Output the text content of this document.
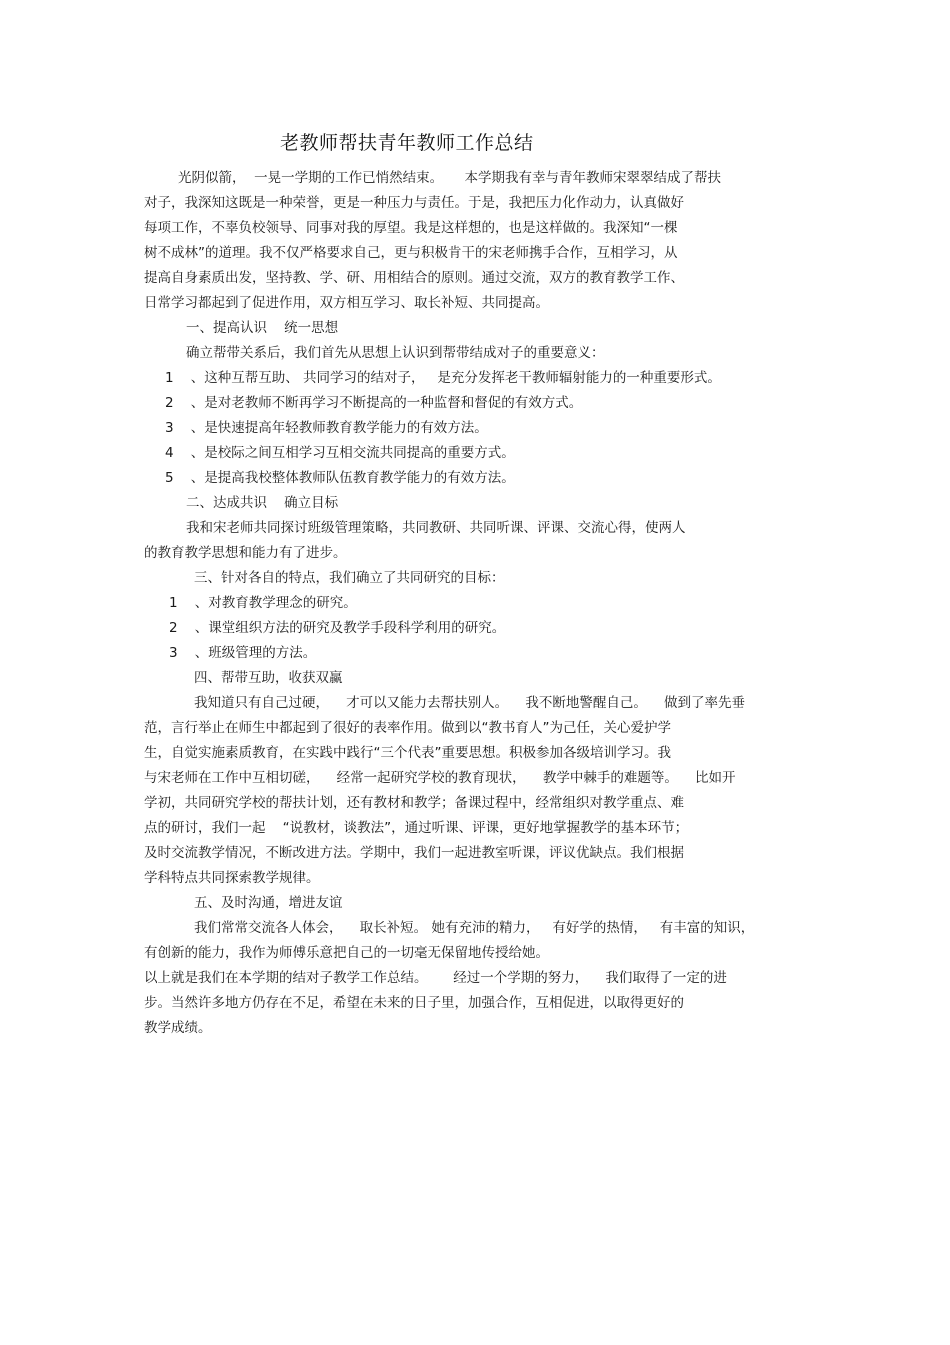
老教师帮扶青年教师工作总结
光阴似箭，  一晃一学期的工作已悄然结束。     本学期我有幸与青年教师宋翠翠结成了帮扶
对子，我深知这既是一种荣誉，更是一种压力与责任。于是，我把压力化作动力，认真做好
每项工作，不辜负校领导、同事对我的厚望。我是这样想的，也是这样做的。我深知“一棵
树不成林”的道理。我不仅严格要求自己，更与积极肯干的宋老师携手合作，互相学习，从
提高自身素质出发，坚持教、学、研、用相结合的原则。通过交流，双方的教育教学工作、
日常学习都起到了促进作用，双方相互学习、取长补短、共同提高。
一、提高认识    统一思想
确立帮带关系后，我们首先从思想上认识到帮带结成对子的重要意义：
1    、这种互帮互助、 共同学习的结对子，   是充分发挥老干教师辐射能力的一种重要形式。
2    、是对老教师不断再学习不断提高的一种监督和督促的有效方式。
3    、是快速提高年轻教师教育教学能力的有效方法。
4    、是校际之间互相学习互相交流共同提高的重要方式。
5    、是提高我校整体教师队伍教育教学能力的有效方法。
二、达成共识    确立目标
我和宋老师共同探讨班级管理策略，共同教研、共同听课、评课、交流心得，使两人
的教育教学思想和能力有了进步。
三、针对各自的特点，我们确立了共同研究的目标：
1    、对教育教学理念的研究。
2    、课堂组织方法的研究及教学手段科学利用的研究。
3    、班级管理的方法。
四、帮带互助，收获双赢
我知道只有自己过硬，    才可以又能力去帮扶别人。    我不断地警醒自己。    做到了率先垂
范，言行举止在师生中都起到了很好的表率作用。做到以“教书育人”为己任，关心爱护学
生，自觉实施素质教育，在实践中践行“三个代表”重要思想。积极参加各级培训学习。我
与宋老师在工作中互相切磋，    经常一起研究学校的教育现状，    教学中棘手的难题等。    比如开
学初，共同研究学校的帮扶计划，还有教材和教学；备课过程中，经常组织对教学重点、难
点的研讨，我们一起    “说教材，谈教法”，通过听课、评课，更好地掌握教学的基本环节；
及时交流教学情况，不断改进方法。学期中，我们一起进教室听课，评议优缺点。我们根据
学科特点共同探索教学规律。
五、及时沟通，增进友谊
我们常常交流各人体会，    取长补短。 她有充沛的精力，   有好学的热情，   有丰富的知识，
有创新的能力，我作为师傅乐意把自己的一切毫无保留地传授给她。
以上就是我们在本学期的结对子教学工作总结。      经过一个学期的努力，    我们取得了一定的进
步。当然许多地方仍存在不足，希望在未来的日子里，加强合作，互相促进，以取得更好的
教学成绩。
